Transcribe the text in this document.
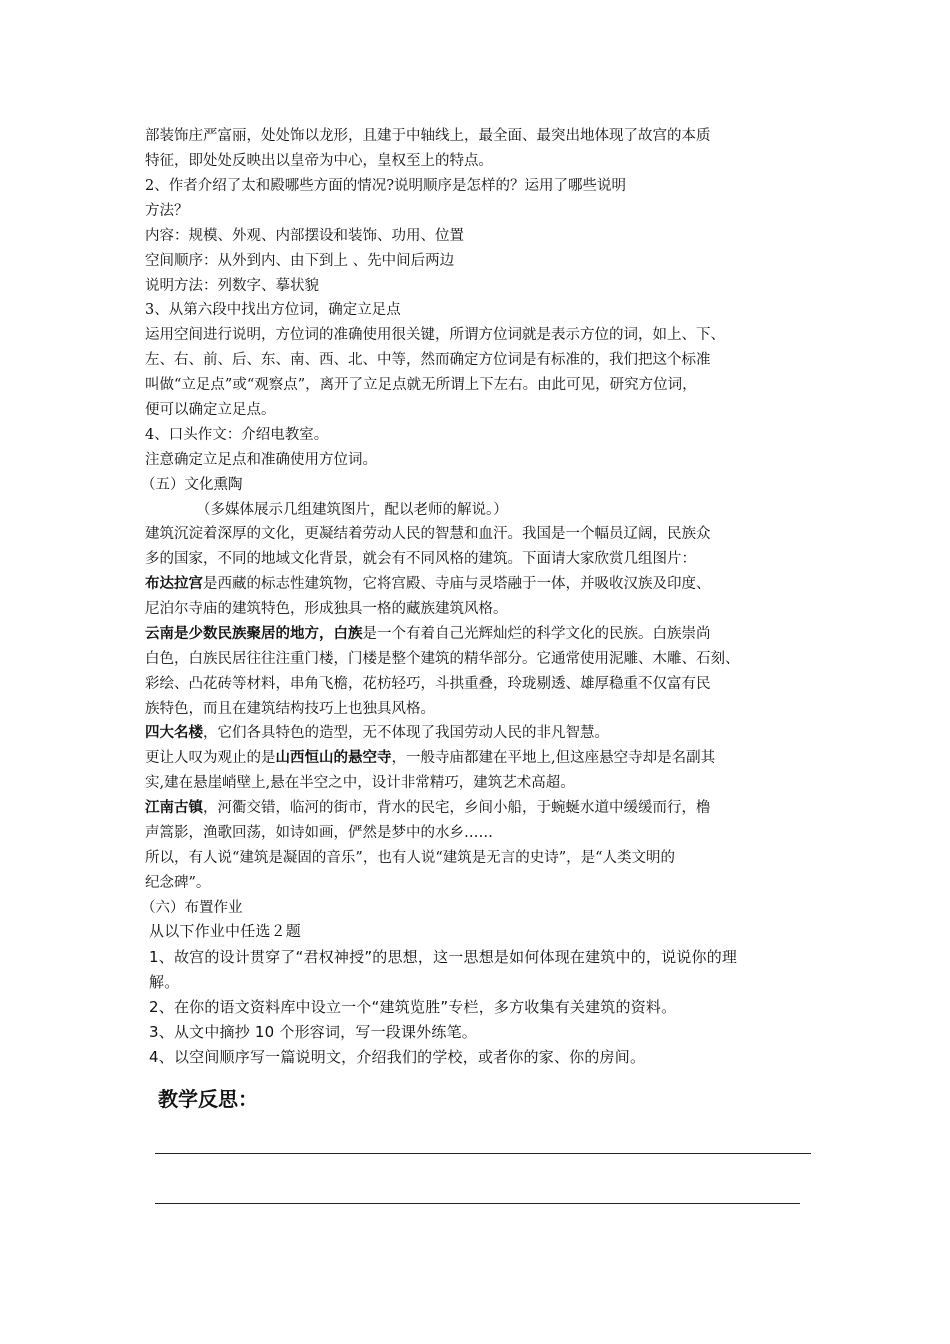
部装饰庄严富丽，处处饰以龙形，且建于中轴线上，最全面、最突出地体现了故宫的本质
特征，即处处反映出以皇帝为中心，皇权至上的特点。
2、作者介绍了太和殿哪些方面的情况?说明顺序是怎样的？运用了哪些说明
方法？
内容：规模、外观、内部摆设和装饰、功用、位置
空间顺序：从外到内、由下到上 、先中间后两边
说明方法：列数字、摹状貌
3、从第六段中找出方位词，确定立足点
运用空间进行说明，方位词的准确使用很关键，所谓方位词就是表示方位的词，如上、下、
左、右、前、后、东、南、西、北、中等，然而确定方位词是有标准的，我们把这个标准
叫做“立足点”或“观察点”，离开了立足点就无所谓上下左右。由此可见，研究方位词，
便可以确定立足点。
4、口头作文：介绍电教室。
注意确定立足点和准确使用方位词。
（五）文化熏陶
（多媒体展示几组建筑图片，配以老师的解说。）
建筑沉淀着深厚的文化，更凝结着劳动人民的智慧和血汗。我国是一个幅员辽阔，民族众
多的国家，不同的地域文化背景，就会有不同风格的建筑。下面请大家欣赏几组图片：
布达拉宫是西藏的标志性建筑物，它将宫殿、寺庙与灵塔融于一体，并吸收汉族及印度、
尼泊尔寺庙的建筑特色，形成独具一格的藏族建筑风格。
云南是少数民族聚居的地方，白族是一个有着自己光辉灿烂的科学文化的民族。白族崇尚
白色，白族民居往往注重门楼，门楼是整个建筑的精华部分。它通常使用泥雕、木雕、石刻、
彩绘、凸花砖等材料，串角飞檐，花枋轻巧，斗拱重叠，玲珑剔透、雄厚稳重不仅富有民
族特色，而且在建筑结构技巧上也独具风格。
四大名楼，它们各具特色的造型，无不体现了我国劳动人民的非凡智慧。
更让人叹为观止的是山西恒山的悬空寺，一般寺庙都建在平地上,但这座悬空寺却是名副其
实,建在悬崖峭壁上,悬在半空之中，设计非常精巧，建筑艺术高超。
江南古镇，河衢交错，临河的街市，背水的民宅，乡间小船，于蜿蜒水道中缓缓而行，橹
声篙影，渔歌回荡，如诗如画，俨然是梦中的水乡……
所以，有人说“建筑是凝固的音乐”，也有人说“建筑是无言的史诗”，是“人类文明的
纪念碑”。
（六）布置作业
从以下作业中任选２题
1、故宫的设计贯穿了“君权神授”的思想，这一思想是如何体现在建筑中的，说说你的理
解。
2、在你的语文资料库中设立一个“建筑览胜”专栏，多方收集有关建筑的资料。
3、从文中摘抄 10 个形容词，写一段课外练笔。
4、以空间顺序写一篇说明文，介绍我们的学校，或者你的家、你的房间。
教学反思：
